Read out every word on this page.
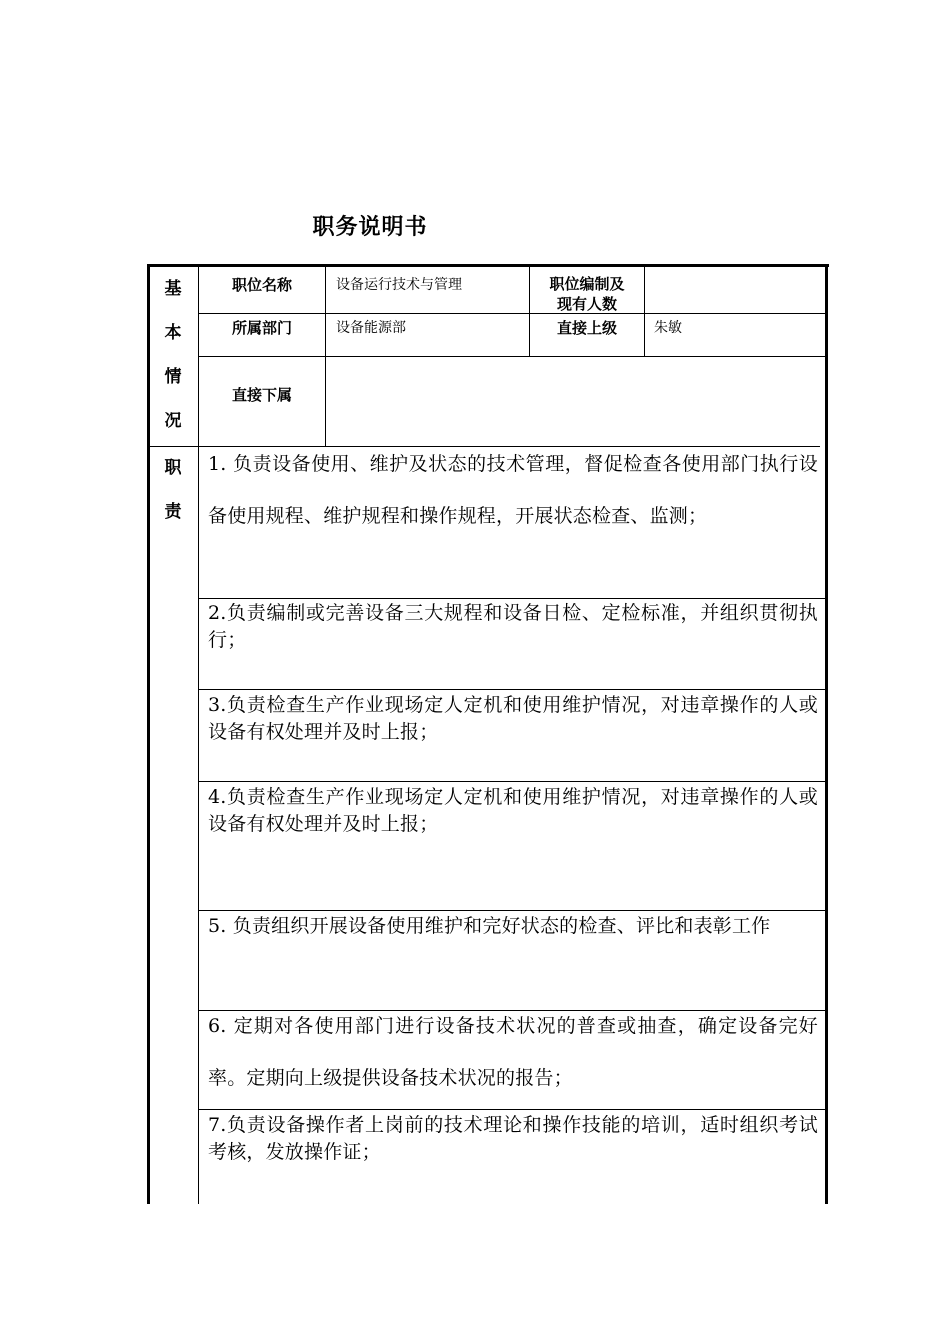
职务说明书
基
本
情
况
职位名称	设备运行技术与管理	职位编制及
现有人数
所属部门	设备能源部	直接上级	朱敏
直接下属
职
责
1. 负责设备使用、维护及状态的技术管理，督促检查各使用部门执行设备使用规程、维护规程和操作规程，开展状态检查、监测；
2.负责编制或完善设备三大规程和设备日检、定检标准，并组织贯彻执行；
3.负责检查生产作业现场定人定机和使用维护情况，对违章操作的人或设备有权处理并及时上报；
4.负责检查生产作业现场定人定机和使用维护情况，对违章操作的人或设备有权处理并及时上报；
5. 负责组织开展设备使用维护和完好状态的检查、评比和表彰工作
6. 定期对各使用部门进行设备技术状况的普查或抽查，确定设备完好率。定期向上级提供设备技术状况的报告；
7.负责设备操作者上岗前的技术理论和操作技能的培训，适时组织考试考核，发放操作证；
